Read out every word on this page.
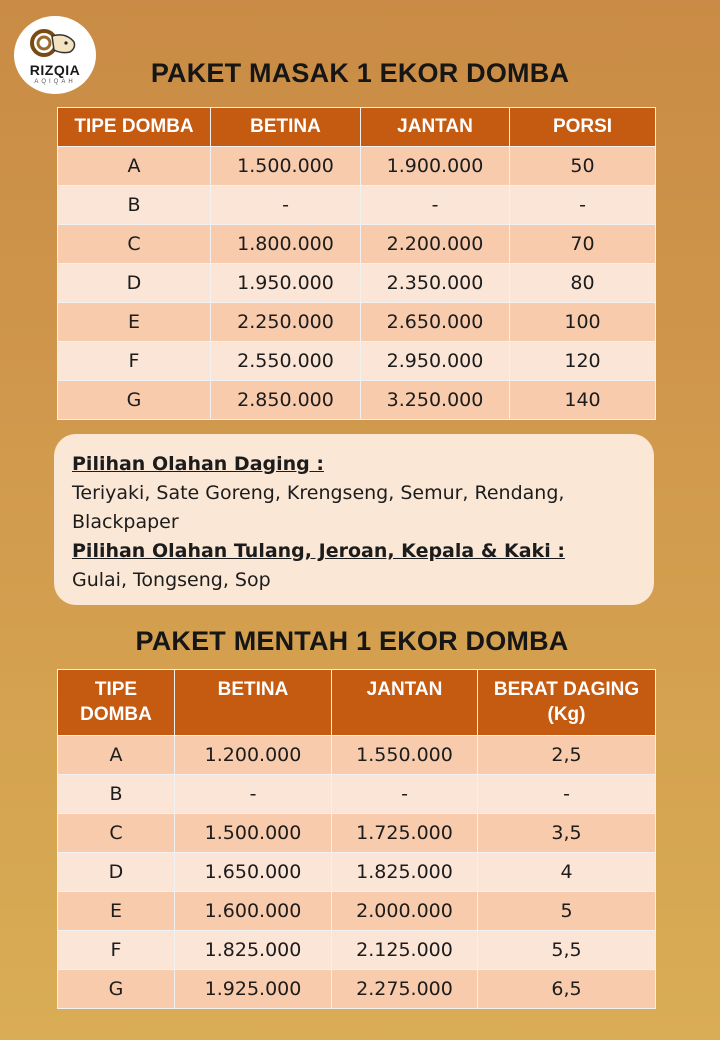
RIZQIA
AQIQAH	PAKET MASAK 1 EKOR DOMBA
TIPE DOMBA	BETINA	JANTAN	PORSI
A	1.500.000	1.900.000	50
B	-	-	-
C	1.800.000	2.200.000	70
D	1.950.000	2.350.000	80
E	2.250.000	2.650.000	100
F	2.550.000	2.950.000	120
G	2.850.000	3.250.000	140
Pilihan Olahan Daging :
Teriyaki, Sate Goreng, Krengseng, Semur, Rendang, Blackpaper
Pilihan Olahan Tulang, Jeroan, Kepala & Kaki :
Gulai, Tongseng, Sop
PAKET MENTAH 1 EKOR DOMBA
TIPE DOMBA	BETINA	JANTAN	BERAT DAGING (Kg)
A	1.200.000	1.550.000	2,5
B	-	-	-
C	1.500.000	1.725.000	3,5
D	1.650.000	1.825.000	4
E	1.600.000	2.000.000	5
F	1.825.000	2.125.000	5,5
G	1.925.000	2.275.000	6,5
